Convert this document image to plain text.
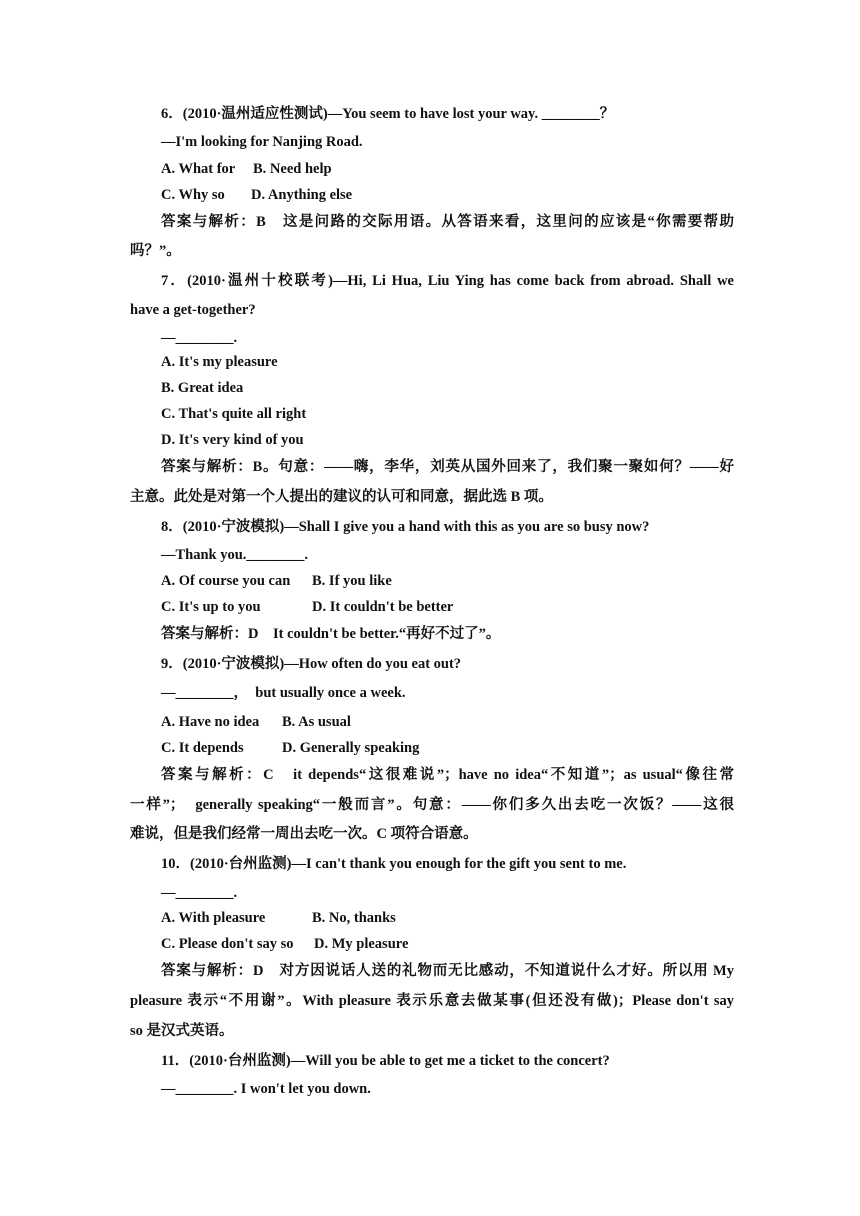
6．(2010·温州适应性测试)—You seem to have lost your way. ________？
—I'm looking for Nanjing Road.
A. What for B. Need help
C. Why so D. Anything else
答案与解析：B　这是问路的交际用语。从答语来看，这里问的应该是“你需要帮助
吗？”。
7．(2010·温州十校联考)—Hi, Li Hua, Liu Ying has come back from abroad. Shall we
have a get-together?
—________.
A. It's my pleasure
B. Great idea
C. That's quite all right
D. It's very kind of you
答案与解析：B。句意：——嗨，李华，刘英从国外回来了，我们聚一聚如何？——好
主意。此处是对第一个人提出的建议的认可和同意，据此选 B 项。
8．(2010·宁波模拟)—Shall I give you a hand with this as you are so busy now?
—Thank you.________.
A. Of course you can B. If you like
C. It's up to you	D. It couldn't be better
答案与解析：D　It couldn't be better.“再好不过了”。
9．(2010·宁波模拟)—How often do you eat out?
—________，　but usually once a week.
A. Have no idea B. As usual
C. It depends	D. Generally speaking
答案与解析：C　it depends“这很难说”；have no idea“不知道”；as usual“像往常
一样”；　generally speaking“一般而言”。句意：——你们多久出去吃一次饭？——这很
难说，但是我们经常一周出去吃一次。C 项符合语意。
10．(2010·台州监测)—I can't thank you enough for the gift you sent to me.
—________.
A. With pleasure	B. No, thanks
C. Please don't say so D. My pleasure
答案与解析：D　对方因说话人送的礼物而无比感动，不知道说什么才好。所以用 My
pleasure 表示“不用谢”。With pleasure 表示乐意去做某事(但还没有做)；Please don't say
so 是汉式英语。
11．(2010·台州监测)—Will you be able to get me a ticket to the concert?
—________. I won't let you down.
